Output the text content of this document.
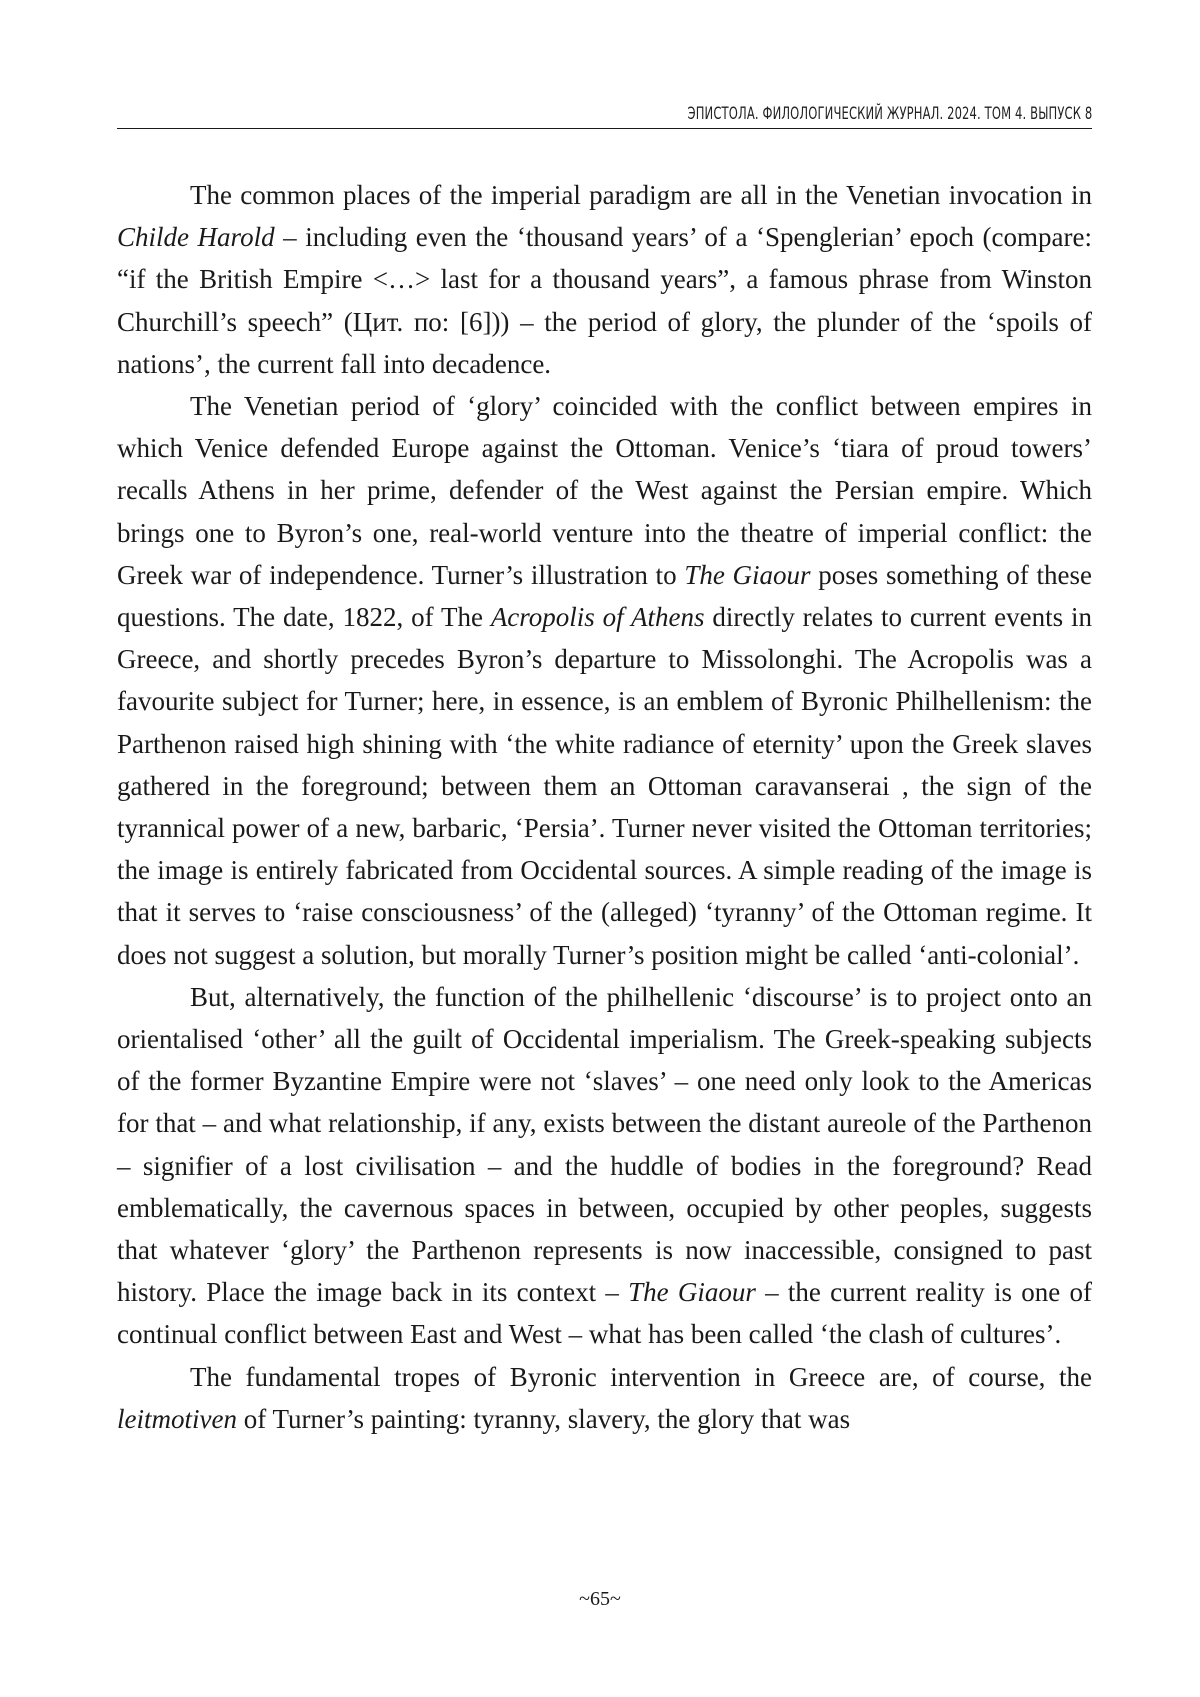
ЭПИСТОЛА. ФИЛОЛОГИЧЕСКИЙ ЖУРНАЛ. 2024. ТОМ 4. ВЫПУСК 8

The common places of the imperial paradigm are all in the Venetian invocation in Childe Harold – including even the ‘thousand years’ of a ‘Spenglerian’ epoch (compare: “if the British Empire <…> last for a thousand years”, a famous phrase from Winston Churchill’s speech” (Цит. по: [6])) – the period of glory, the plunder of the ‘spoils of nations’, the current fall into decadence.

The Venetian period of ‘glory’ coincided with the conflict between empires in which Venice defended Europe against the Ottoman. Venice’s ‘tiara of proud towers’ recalls Athens in her prime, defender of the West against the Persian empire. Which brings one to Byron’s one, real-world venture into the theatre of imperial conflict: the Greek war of independence. Turner’s illustration to The Giaour poses something of these questions. The date, 1822, of The Acropolis of Athens directly relates to current events in Greece, and shortly precedes Byron’s departure to Missolonghi. The Acropolis was a favourite subject for Turner; here, in essence, is an emblem of Byronic Philhellenism: the Parthenon raised high shining with ‘the white radiance of eternity’ upon the Greek slaves gathered in the foreground; between them an Ottoman caravanserai , the sign of the tyrannical power of a new, barbaric, ‘Persia’. Turner never visited the Ottoman territories; the image is entirely fabricated from Occidental sources. A simple reading of the image is that it serves to ‘raise consciousness’ of the (alleged) ‘tyranny’ of the Ottoman regime. It does not suggest a solution, but morally Turner’s position might be called ‘anti-colonial’.

But, alternatively, the function of the philhellenic ‘discourse’ is to project onto an orientalised ‘other’ all the guilt of Occidental imperialism. The Greek-speaking subjects of the former Byzantine Empire were not ‘slaves’ – one need only look to the Americas for that – and what relationship, if any, exists between the distant aureole of the Parthenon – signifier of a lost civilisation – and the huddle of bodies in the foreground? Read emblematically, the cavernous spaces in between, occupied by other peoples, suggests that whatever ‘glory’ the Parthenon represents is now inaccessible, consigned to past history. Place the image back in its context – The Giaour – the current reality is one of continual conflict between East and West – what has been called ‘the clash of cultures’.

The fundamental tropes of Byronic intervention in Greece are, of course, the leitmotiven of Turner’s painting: tyranny, slavery, the glory that was

~65~
